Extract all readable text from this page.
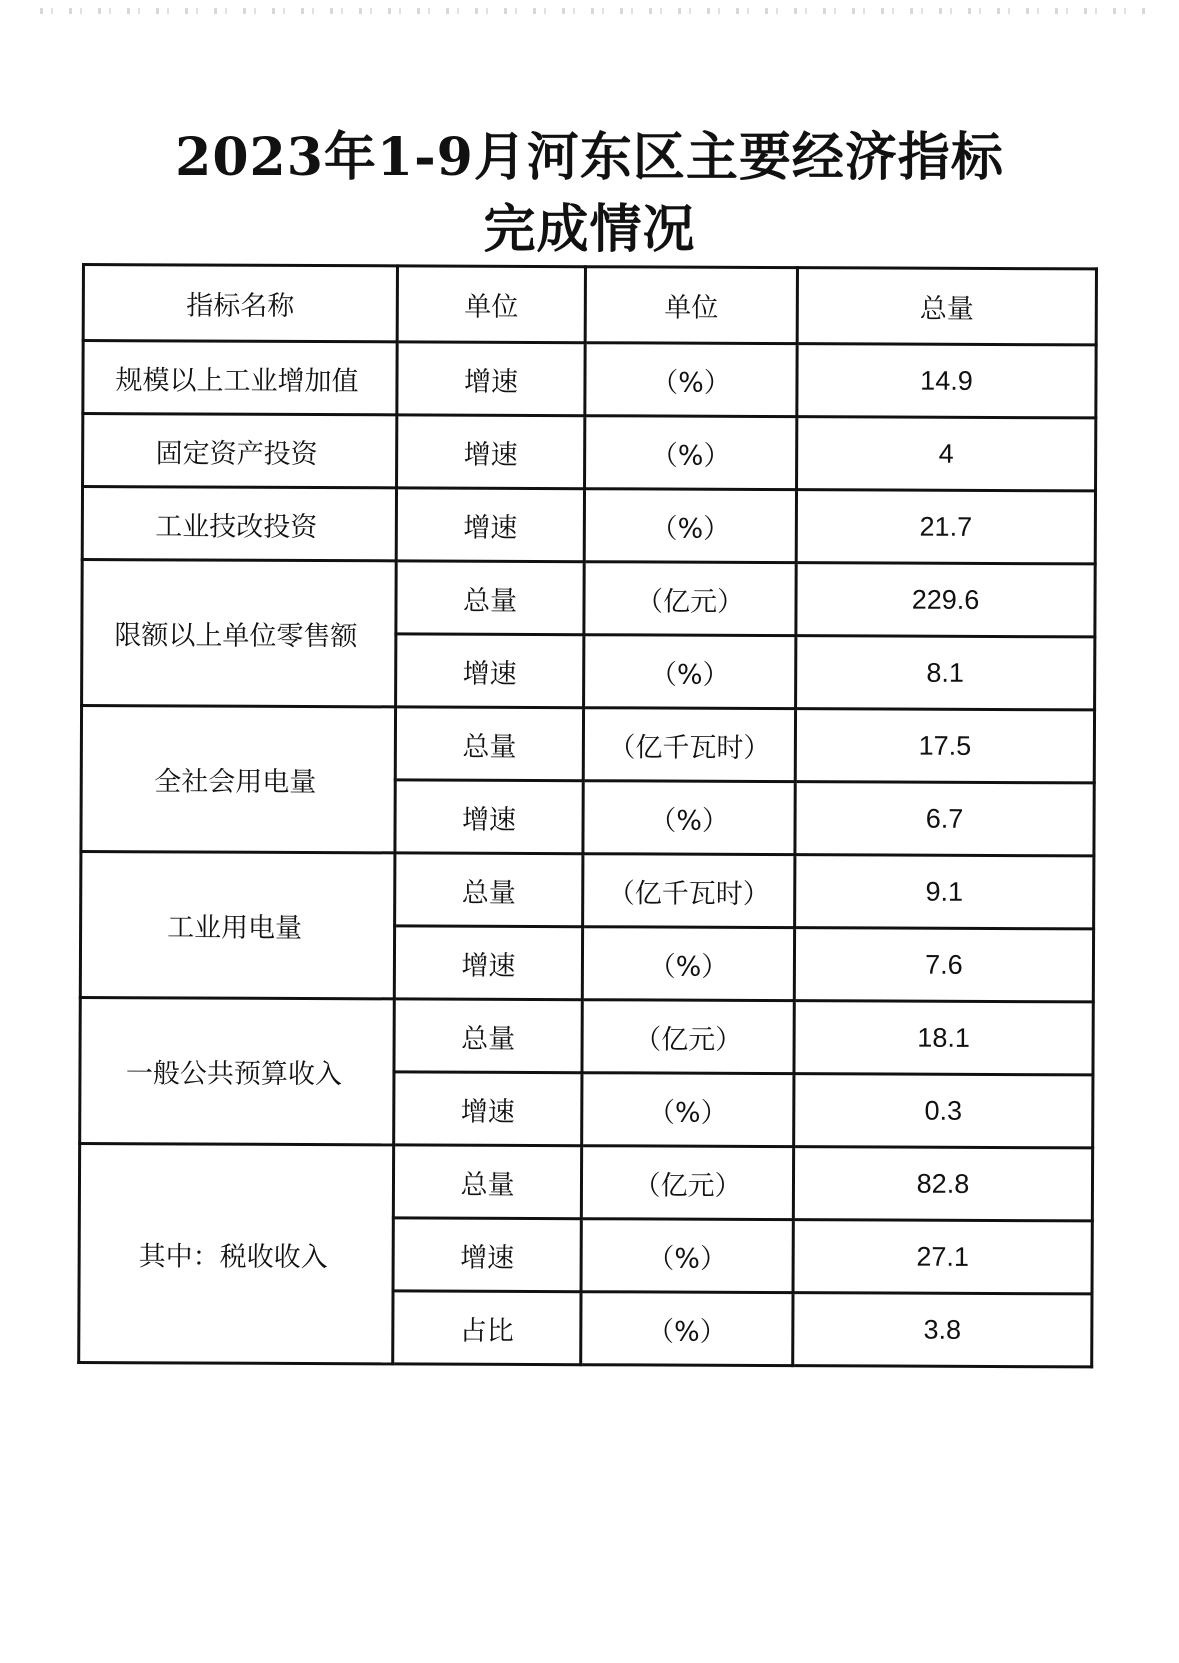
2023年1-9月河东区主要经济指标
完成情况
指标名称	单位	单位	总量
规模以上工业增加值	增速	（%）	14.9
固定资产投资	增速	（%）	4
工业技改投资	增速	（%）	21.7
限额以上单位零售额	总量	（亿元）	229.6
	增速	（%）	8.1
全社会用电量	总量	（亿千瓦时）	17.5
	增速	（%）	6.7
工业用电量	总量	（亿千瓦时）	9.1
	增速	（%）	7.6
一般公共预算收入	总量	（亿元）	18.1
	增速	（%）	0.3
其中：税收收入	总量	（亿元）	82.8
	增速	（%）	27.1
	占比	（%）	3.8
